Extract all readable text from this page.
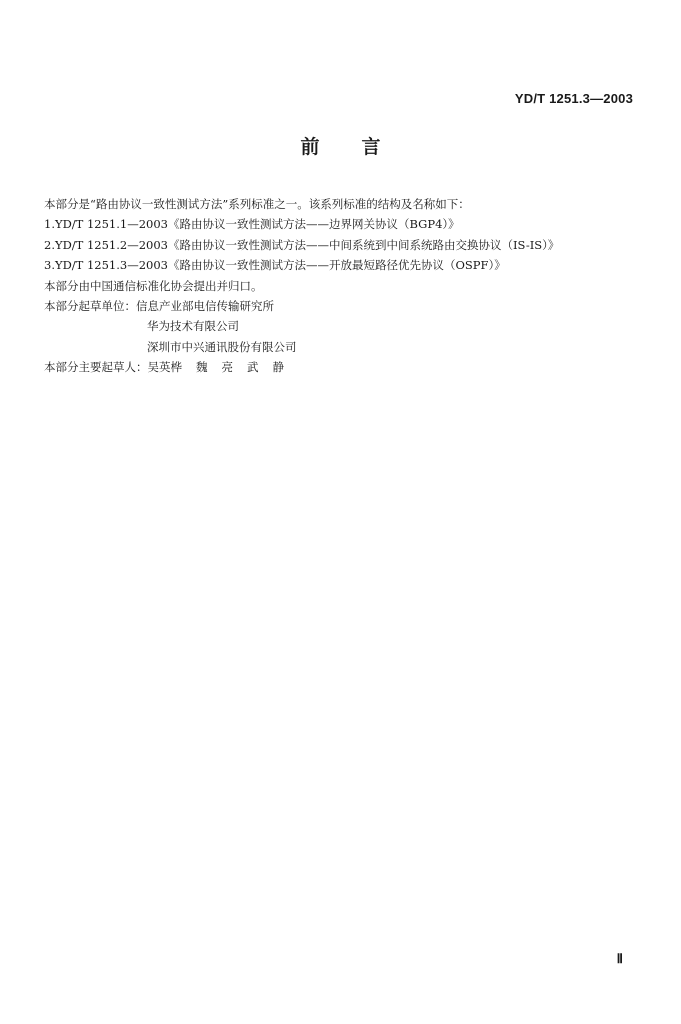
YD/T 1251.3—2003
前 言
本部分是“路由协议一致性测试方法”系列标准之一。该系列标准的结构及名称如下：
1.YD/T 1251.1—2003《路由协议一致性测试方法——边界网关协议（BGP4）》
2.YD/T 1251.2—2003《路由协议一致性测试方法——中间系统到中间系统路由交换协议（IS-IS）》
3.YD/T 1251.3—2003《路由协议一致性测试方法——开放最短路径优先协议（OSPF）》
本部分由中国通信标准化协会提出并归口。
本部分起草单位：信息产业部电信传输研究所
华为技术有限公司
深圳市中兴通讯股份有限公司
本部分主要起草人：吴英桦 魏 亮 武 静
Ⅱ
